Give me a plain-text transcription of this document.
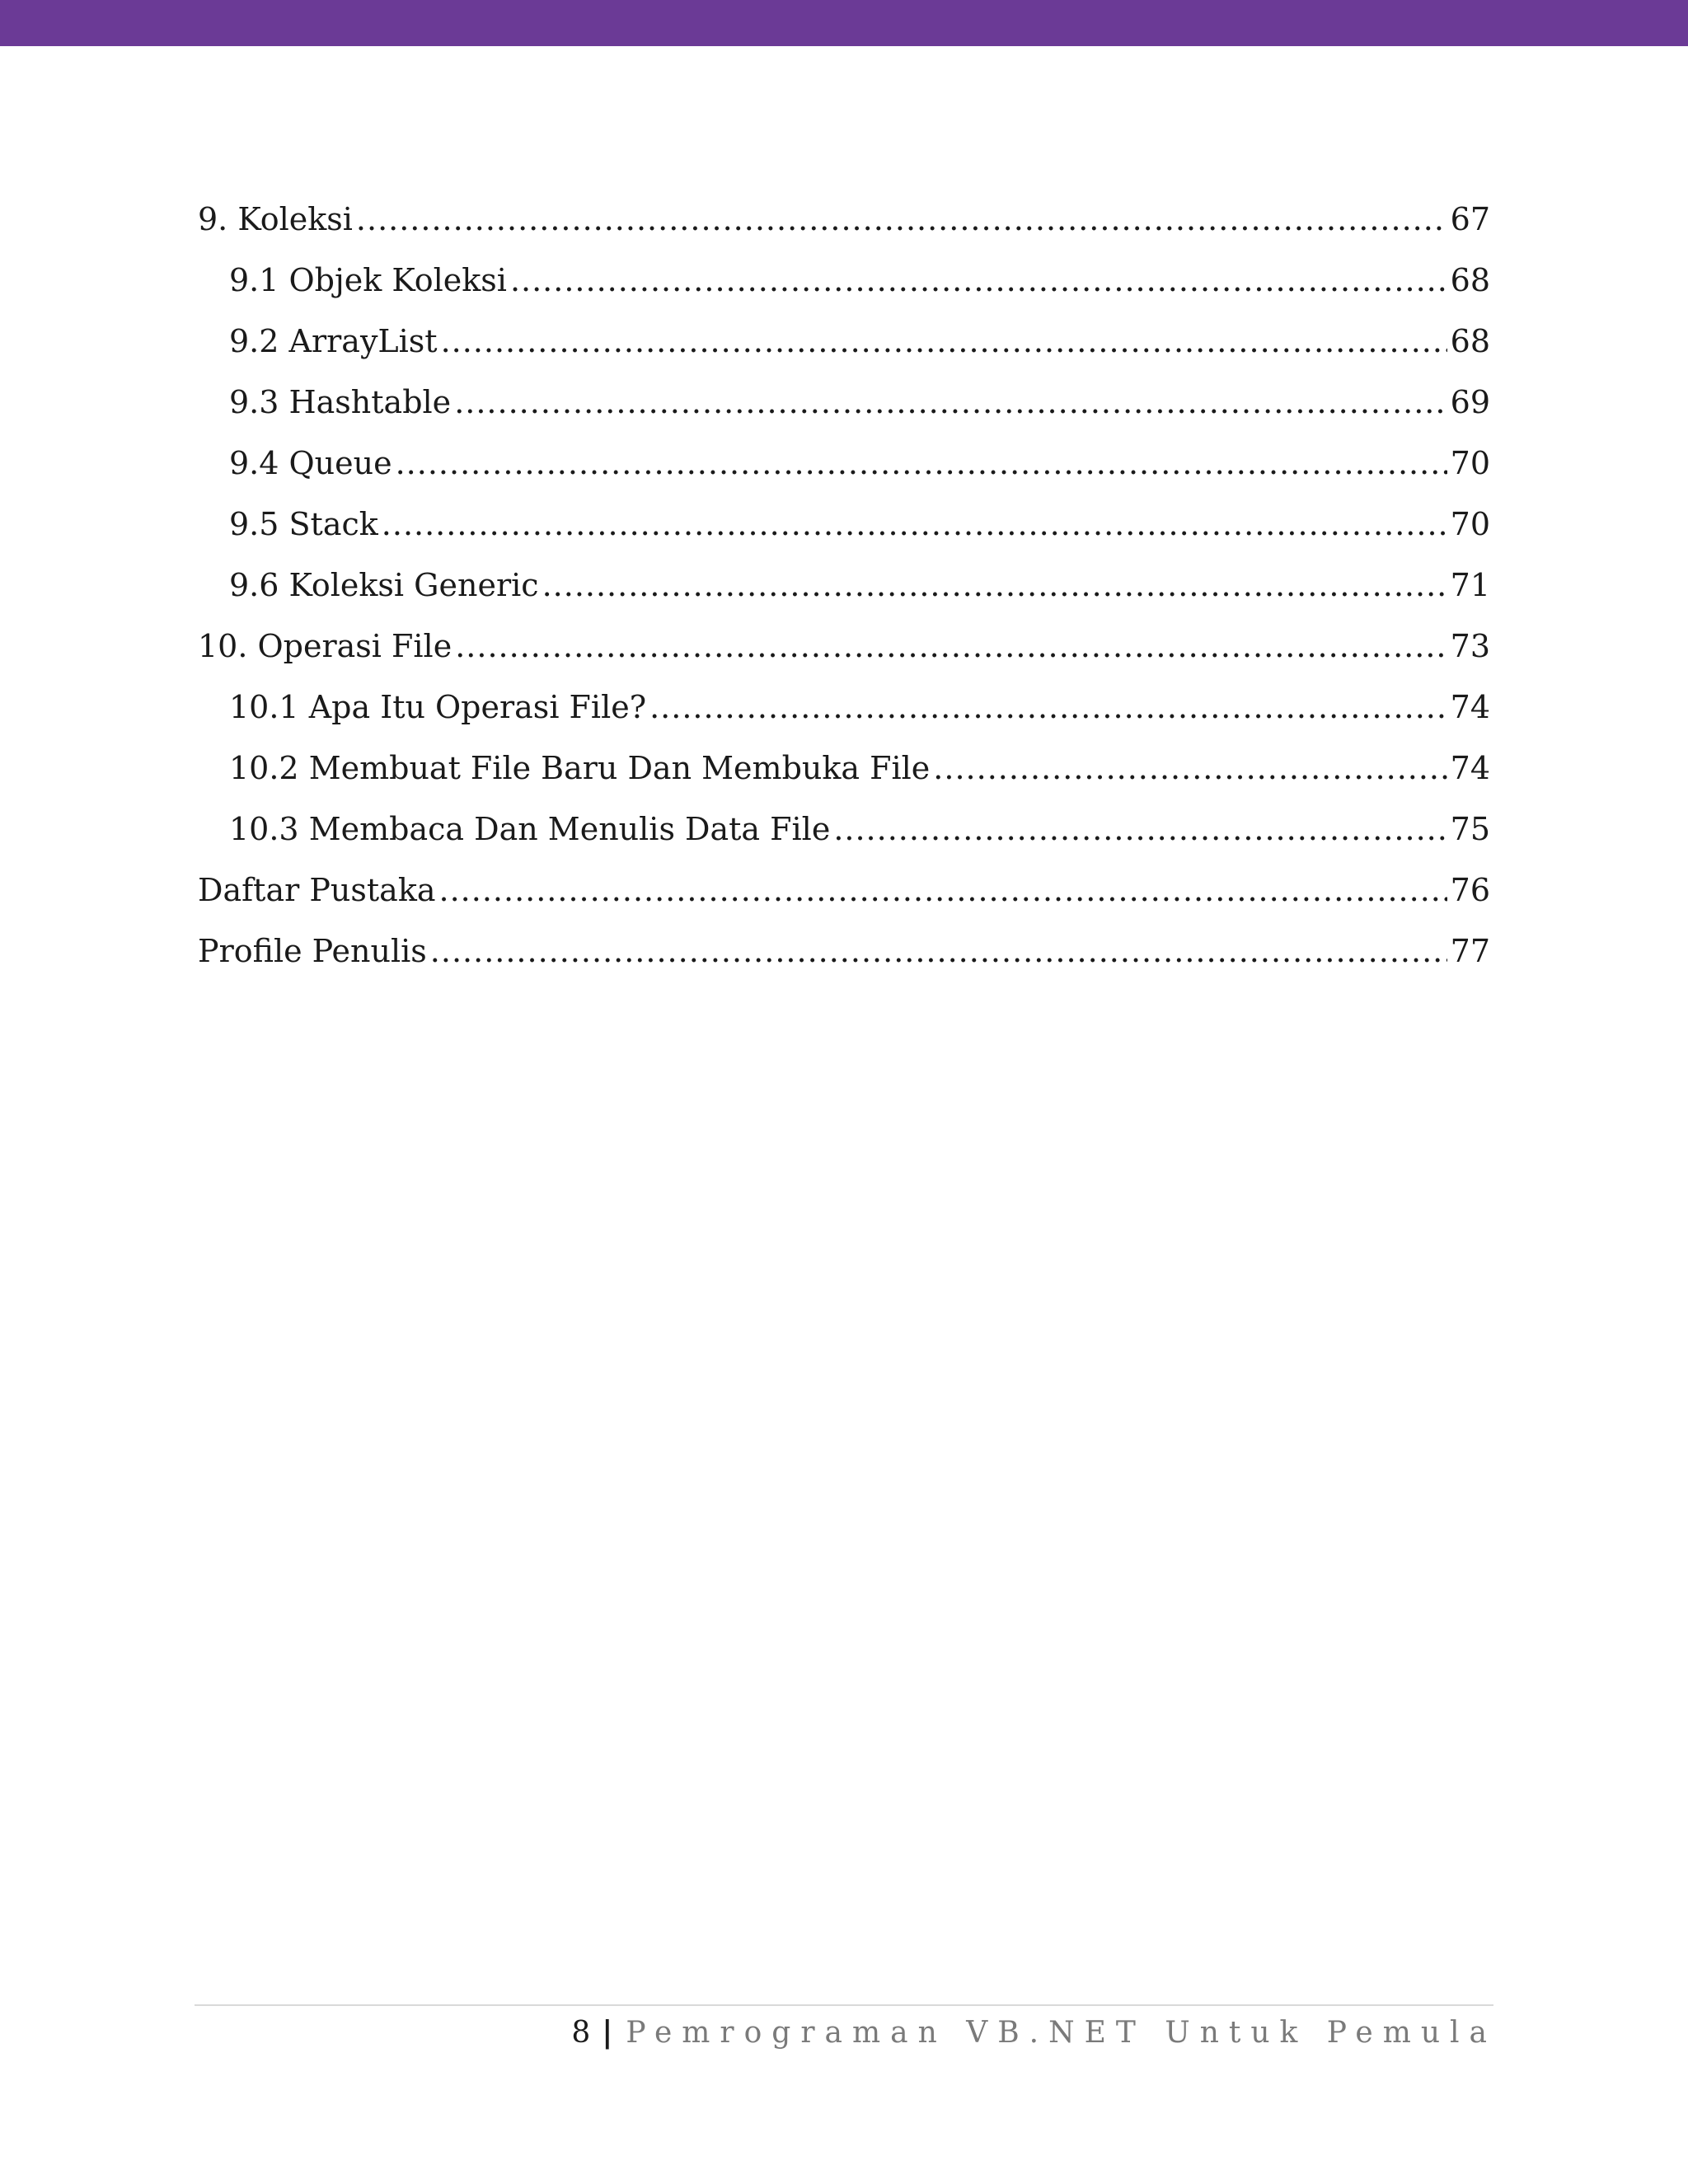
9. Koleksi .....	67
9.1 Objek Koleksi .....	68
9.2 ArrayList .....	68
9.3 Hashtable .....	69
9.4 Queue .....	70
9.5 Stack .....	70
9.6 Koleksi Generic .....	71
10. Operasi File .....	73
10.1 Apa Itu Operasi File? .....	74
10.2 Membuat File Baru Dan Membuka File .....	74
10.3 Membaca Dan Menulis Data File .....	75
Daftar Pustaka .....	76
Profile Penulis .....	77
8 | Pemrograman VB.NET Untuk Pemula
